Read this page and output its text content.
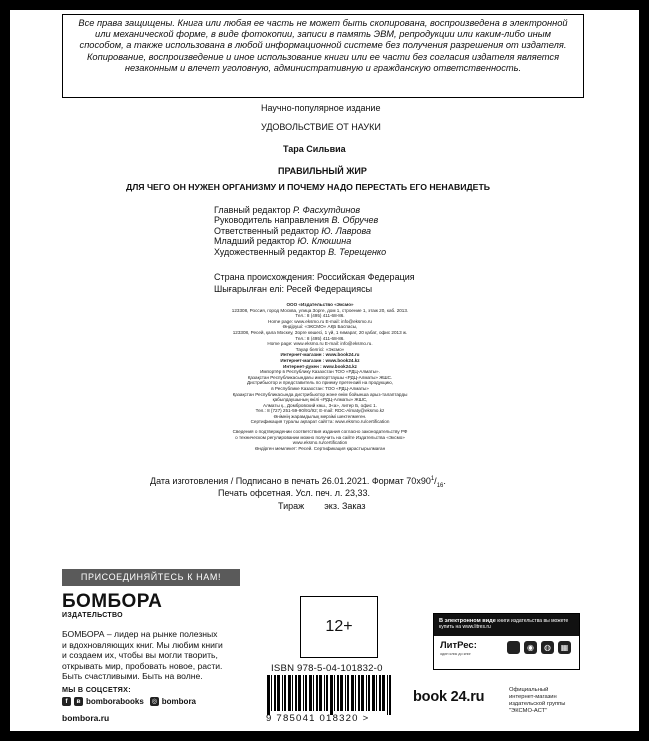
Все права защищены. Книга или любая ее часть не может быть скопирована, воспроизведена в электронной
или механической форме, в виде фотокопии, записи в память ЭВМ, репродукции или каким-либо иным
способом, а также использована в любой информационной системе без получения разрешения от издателя.
Копирование, воспроизведение и иное использование книги или ее части без согласия издателя является
незаконным и влечет уголовную, административную и гражданскую ответственность.
Научно-популярное издание
УДОВОЛЬСТВИЕ ОТ НАУКИ
Тара Сильвиа
ПРАВИЛЬНЫЙ ЖИР
ДЛЯ ЧЕГО ОН НУЖЕН ОРГАНИЗМУ И ПОЧЕМУ НАДО ПЕРЕСТАТЬ ЕГО НЕНАВИДЕТЬ
Главный редактор Р. Фасхутдинов
Руководитель направления В. Обручев
Ответственный редактор Ю. Лаврова
Младший редактор Ю. Клюшина
Художественный редактор В. Терещенко
Страна происхождения: Российская Федерация
Шығарылған елі: Ресей Федерациясы
ООО «Издательство «Эксмо»
123308, Россия, город Москва, улица Зорге, дом 1, строение 1, этаж 20, каб. 2013.
Тел.: 8 (495) 411-68-86.
Home page: www.eksmo.ru E-mail: info@eksmo.ru
Өндіруші: «ЭКСМО» АҚБ Баспасы,
123308, Ресей, қала Мәскеу, Зорге көшесі, 1 үй, 1 ғимарат, 20 қабат, офис 2013 ж.
Тел.: 8 (495) 411-68-86.
Home page: www.eksmo.ru E-mail: info@eksmo.ru.
Тауар белгісі: «Эксмо»
Интернет-магазин : www.book24.ru
Интернет-магазин : www.book24.kz
Интернет-дүкен : www.book24.kz
Импортёр в Республику Казахстан ТОО «РДЦ-Алматы».
Қазақстан Республикасындағы импорттаушы «РДЦ-Алматы» ЖШС.
Дистрибьютор и представитель по приему претензий на продукцию,
в Республике Казахстан: ТОО «РДЦ-Алматы»
Қазақстан Республикасында дистрибьютор және өнім бойынша арыз-талаптарды
қабылдаушының өкілі «РДЦ-Алматы» ЖШС,
Алматы қ., Домбровский көш., 3«а», литер Б, офис 1.
Тел.: 8 (727) 251-59-90/91/92; E-mail: RDC-Almaty@eksmo.kz
Өнімнің жарамдылық мерзімі шектелмеген.
Сертификация туралы ақпарат сайтта: www.eksmo.ru/certification
Сведения о подтверждении соответствия издания согласно законодательству РФ
о техническом регулировании можно получить на сайте Издательства «Эксмо»
www.eksmo.ru/certification
Өндірген мемлекет: Ресей. Сертификация қарастырылмаған
Дата изготовления / Подписано в печать 26.01.2021. Формат $70x90^1/_{16}$.
Печать офсетная. Усл. печ. л. 23,33.
Тираж экз. Заказ
ПРИСОЕДИНЯЙТЕСЬ К НАМ!
БОМБОРА
ИЗДАТЕЛЬСТВО
БОМБОРА – лидер на рынке полезных
и вдохновляющих книг. Мы любим книги
и создаем их, чтобы вы могли творить,
открывать мир, пробовать новое, расти.
Быть счастливыми. Быть на волне.
МЫ В СОЦСЕТЯХ:
f	в bomborabooks ◎ bombora
bombora.ru
12+
ISBN 978-5-04-101832-0
9 785041 018320 >
В электронном виде книги издательства вы можете
купить на www.litres.ru
ЛитРес:
один клик до книг
◉	◍	▦
book 24.ru	Официальный
интернет-магазин
издательской группы
"ЭКСМО-АСТ"
